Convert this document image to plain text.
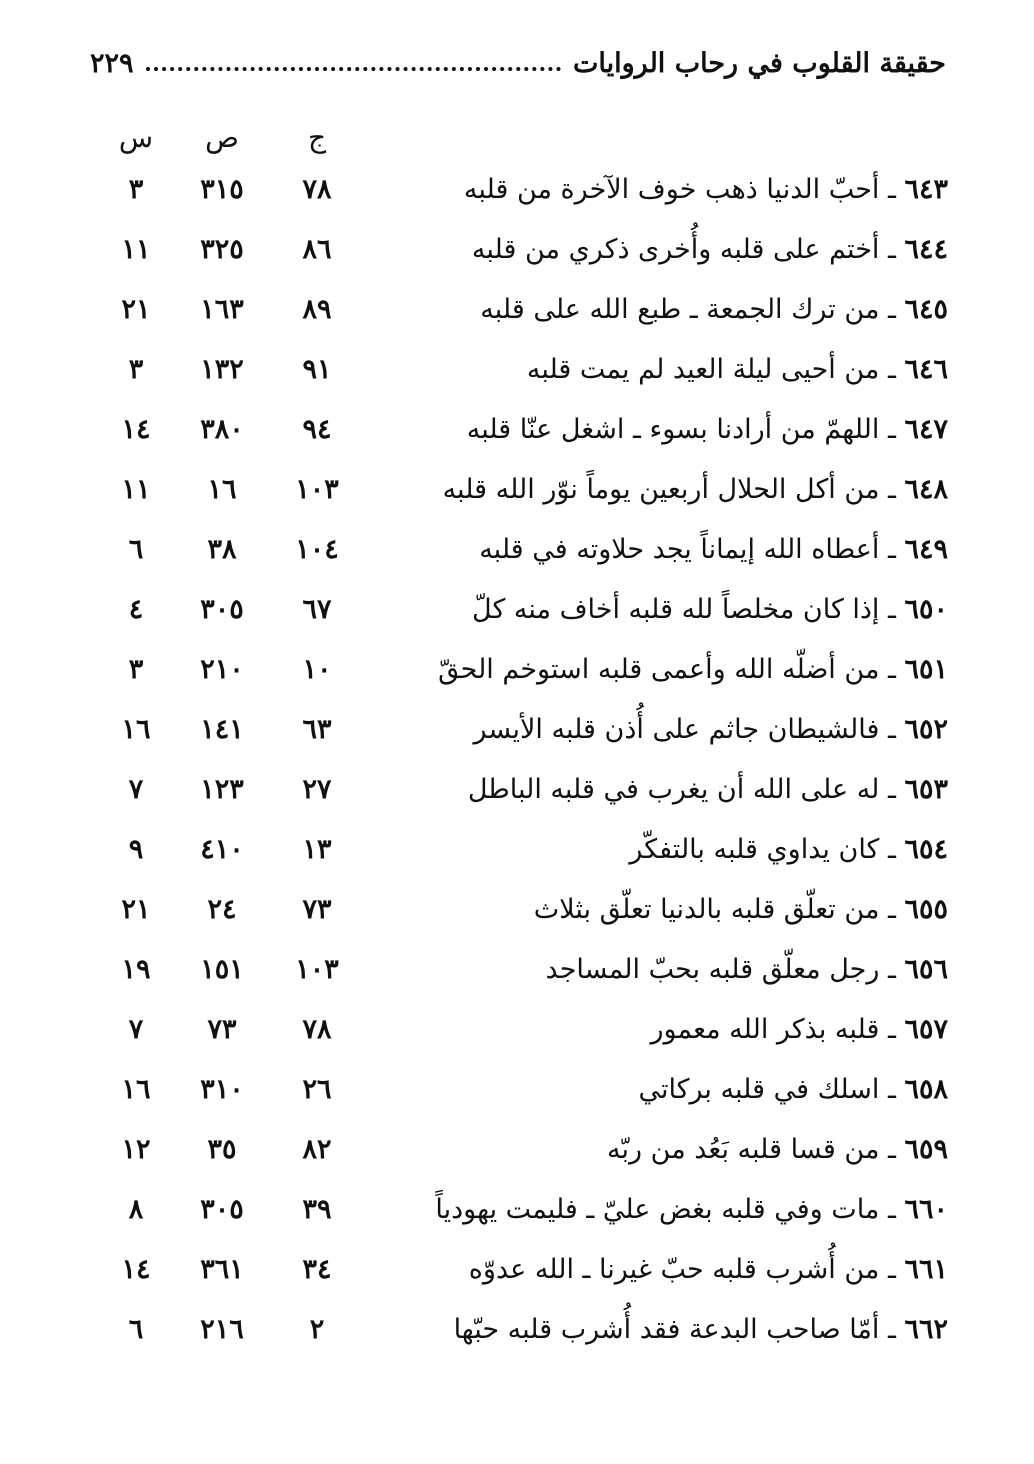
حقيقة القلوب في رحاب الروايات
٢٢٩
ج
ص
س
٦٤٣ ـ أحبّ الدنيا ذهب خوف الآخرة من قلبه
٧٨
٣١٥
٣
٦٤٤ ـ أختم على قلبه وأُخرى ذكري من قلبه
٨٦
٣٢٥
١١
٦٤٥ ـ من ترك الجمعة ـ طبع الله على قلبه
٨٩
١٦٣
٢١
٦٤٦ ـ من أحيى ليلة العيد لم يمت قلبه
٩١
١٣٢
٣
٦٤٧ ـ اللهمّ من أرادنا بسوء ـ اشغل عنّا قلبه
٩٤
٣٨٠
١٤
٦٤٨ ـ من أكل الحلال أربعين يوماً نوّر الله قلبه
١٠٣
١٦
١١
٦٤٩ ـ أعطاه الله إيماناً يجد حلاوته في قلبه
١٠٤
٣٨
٦
٦٥٠ ـ إذا كان مخلصاً لله قلبه أخاف منه كلّ
٦٧
٣٠٥
٤
٦٥١ ـ من أضلّه الله وأعمى قلبه استوخم الحقّ
١٠
٢١٠
٣
٦٥٢ ـ فالشيطان جاثم على أُذن قلبه الأيسر
٦٣
١٤١
١٦
٦٥٣ ـ له على الله أن يغرب في قلبه الباطل
٢٧
١٢٣
٧
٦٥٤ ـ كان يداوي قلبه بالتفكّر
١٣
٤١٠
٩
٦٥٥ ـ من تعلّق قلبه بالدنيا تعلّق بثلاث
٧٣
٢٤
٢١
٦٥٦ ـ رجل معلّق قلبه بحبّ المساجد
١٠٣
١٥١
١٩
٦٥٧ ـ قلبه بذكر الله معمور
٧٨
٧٣
٧
٦٥٨ ـ اسلك في قلبه بركاتي
٢٦
٣١٠
١٦
٦٥٩ ـ من قسا قلبه بَعُد من ربّه
٨٢
٣٥
١٢
٦٦٠ ـ مات وفي قلبه بغض عليّ ـ فليمت يهودياً
٣٩
٣٠٥
٨
٦٦١ ـ من أُشرب قلبه حبّ غيرنا ـ الله عدوّه
٣٤
٣٦١
١٤
٦٦٢ ـ أمّا صاحب البدعة فقد أُشرب قلبه حبّها
٢
٢١٦
٦
